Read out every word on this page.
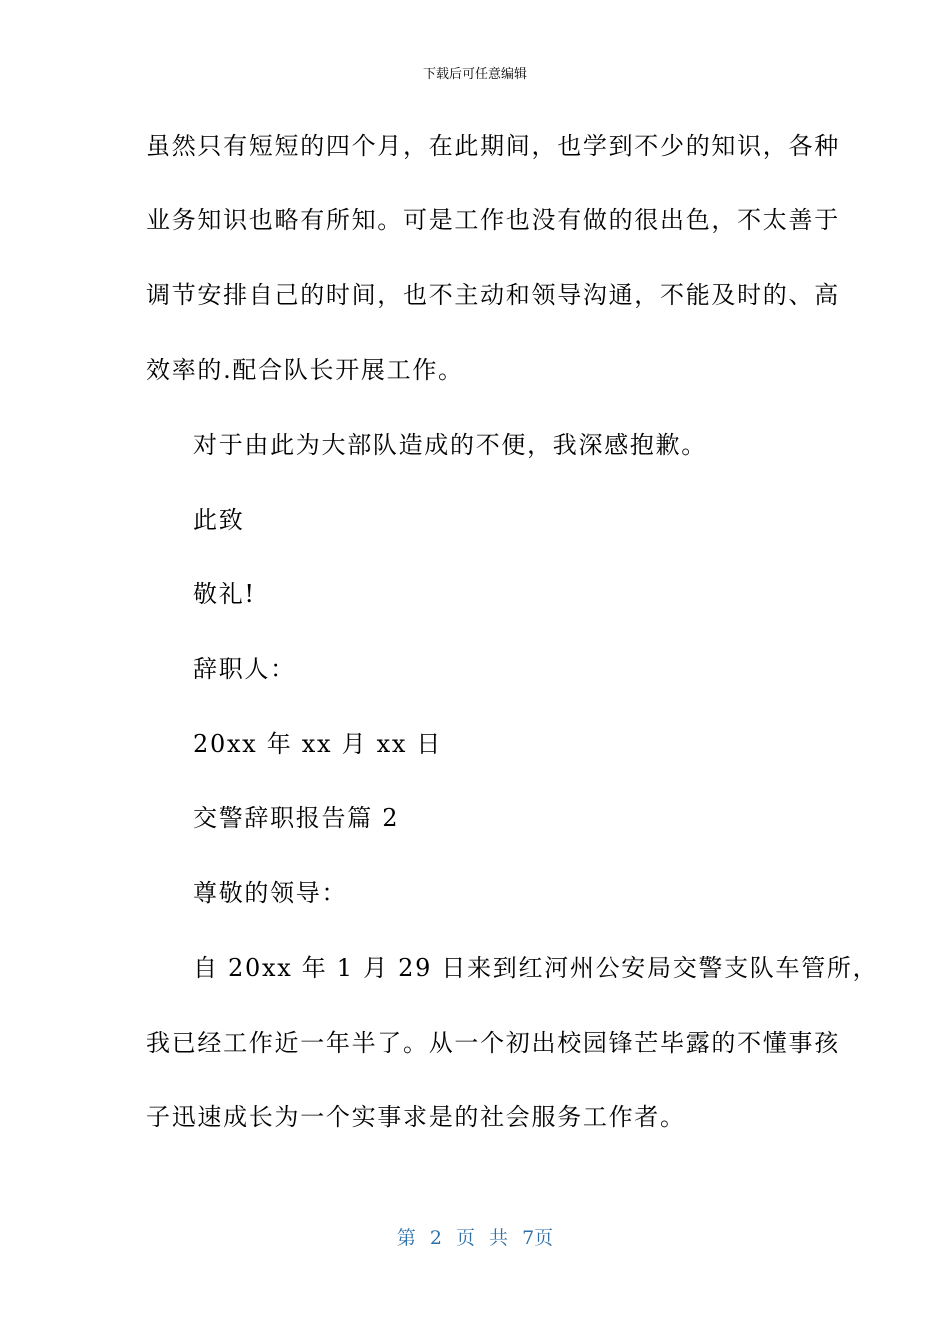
下载后可任意编辑
虽然只有短短的四个月，在此期间，也学到不少的知识，各种
业务知识也略有所知。可是工作也没有做的很出色，不太善于
调节安排自己的时间，也不主动和领导沟通，不能及时的、高
效率的.配合队长开展工作。
对于由此为大部队造成的不便，我深感抱歉。
此致
敬礼!
辞职人：
20xx 年 xx 月 xx 日
交警辞职报告篇 2
尊敬的领导：
自 20xx 年 1 月 29 日来到红河州公安局交警支队车管所，
我已经工作近一年半了。从一个初出校园锋芒毕露的不懂事孩
子迅速成长为一个实事求是的社会服务工作者。
第 2 页 共 7页
